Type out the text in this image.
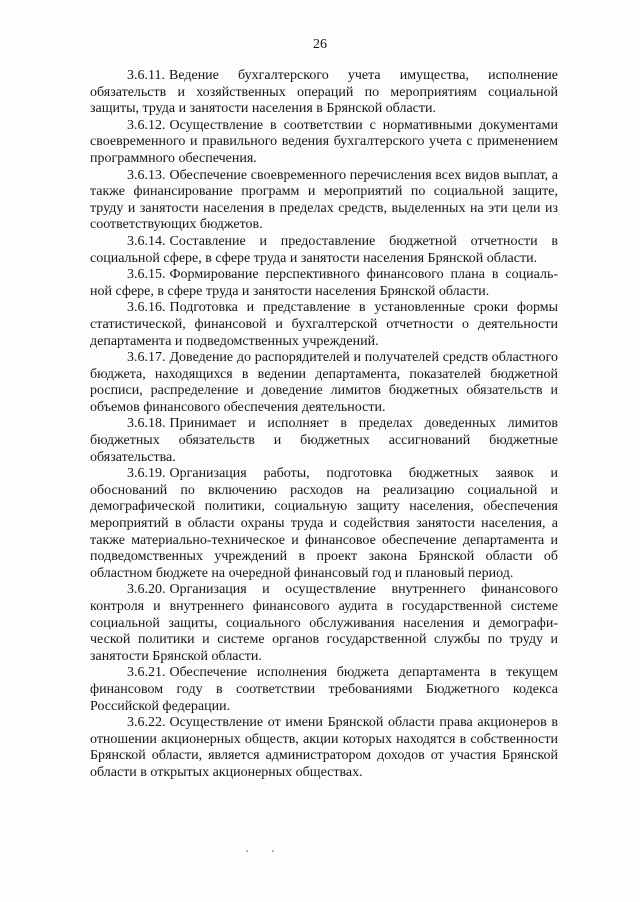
26

3.6.11. Ведение бухгалтерского учета имущества, исполнение обязательств и хозяйственных операций по мероприятиям социальной защиты, труда и занятости населения в Брянской области.

3.6.12. Осуществление в соответствии с нормативными документами своевременного и правильного ведения бухгалтерского учета с применением программного обеспечения.

3.6.13. Обеспечение своевременного перечисления всех видов выплат, а также финансирование программ и мероприятий по социальной защите, труду и занятости населения в пределах средств, выделенных на эти цели из соответствующих бюджетов.

3.6.14. Составление и предоставление бюджетной отчетности в социальной сфере, в сфере труда и занятости населения Брянской области.

3.6.15. Формирование перспективного финансового плана в социальной сфере, в сфере труда и занятости населения Брянской области.

3.6.16. Подготовка и представление в установленные сроки формы статистической, финансовой и бухгалтерской отчетности о деятельности департамента и подведомственных учреждений.

3.6.17. Доведение до распорядителей и получателей средств областного бюджета, находящихся в ведении департамента, показателей бюджетной росписи, распределение и доведение лимитов бюджетных обязательств и объемов финансового обеспечения деятельности.

3.6.18. Принимает и исполняет в пределах доведенных лимитов бюджетных обязательств и бюджетных ассигнований бюджетные обязательства.

3.6.19. Организация работы, подготовка бюджетных заявок и обоснований по включению расходов на реализацию социальной и демографической политики, социальную защиту населения, обеспечения мероприятий в области охраны труда и содействия занятости населения, а также материально-техническое и финансовое обеспечение департамента и подведомственных учреждений в проект закона Брянской области об областном бюджете на очередной финансовый год и плановый период.

3.6.20. Организация и осуществление внутреннего финансового контроля и внутреннего финансового аудита в государственной системе социальной защиты, социального обслуживания населения и демографической политики и системе органов государственной службы по труду и занятости Брянской области.

3.6.21. Обеспечение исполнения бюджета департамента в текущем финансовом году в соответствии требованиями Бюджетного кодекса Российской федерации.

3.6.22. Осуществление от имени Брянской области права акционеров в отношении акционерных обществ, акции которых находятся в собственности Брянской области, является администратором доходов от участия Брянской области в открытых акционерных обществах.
